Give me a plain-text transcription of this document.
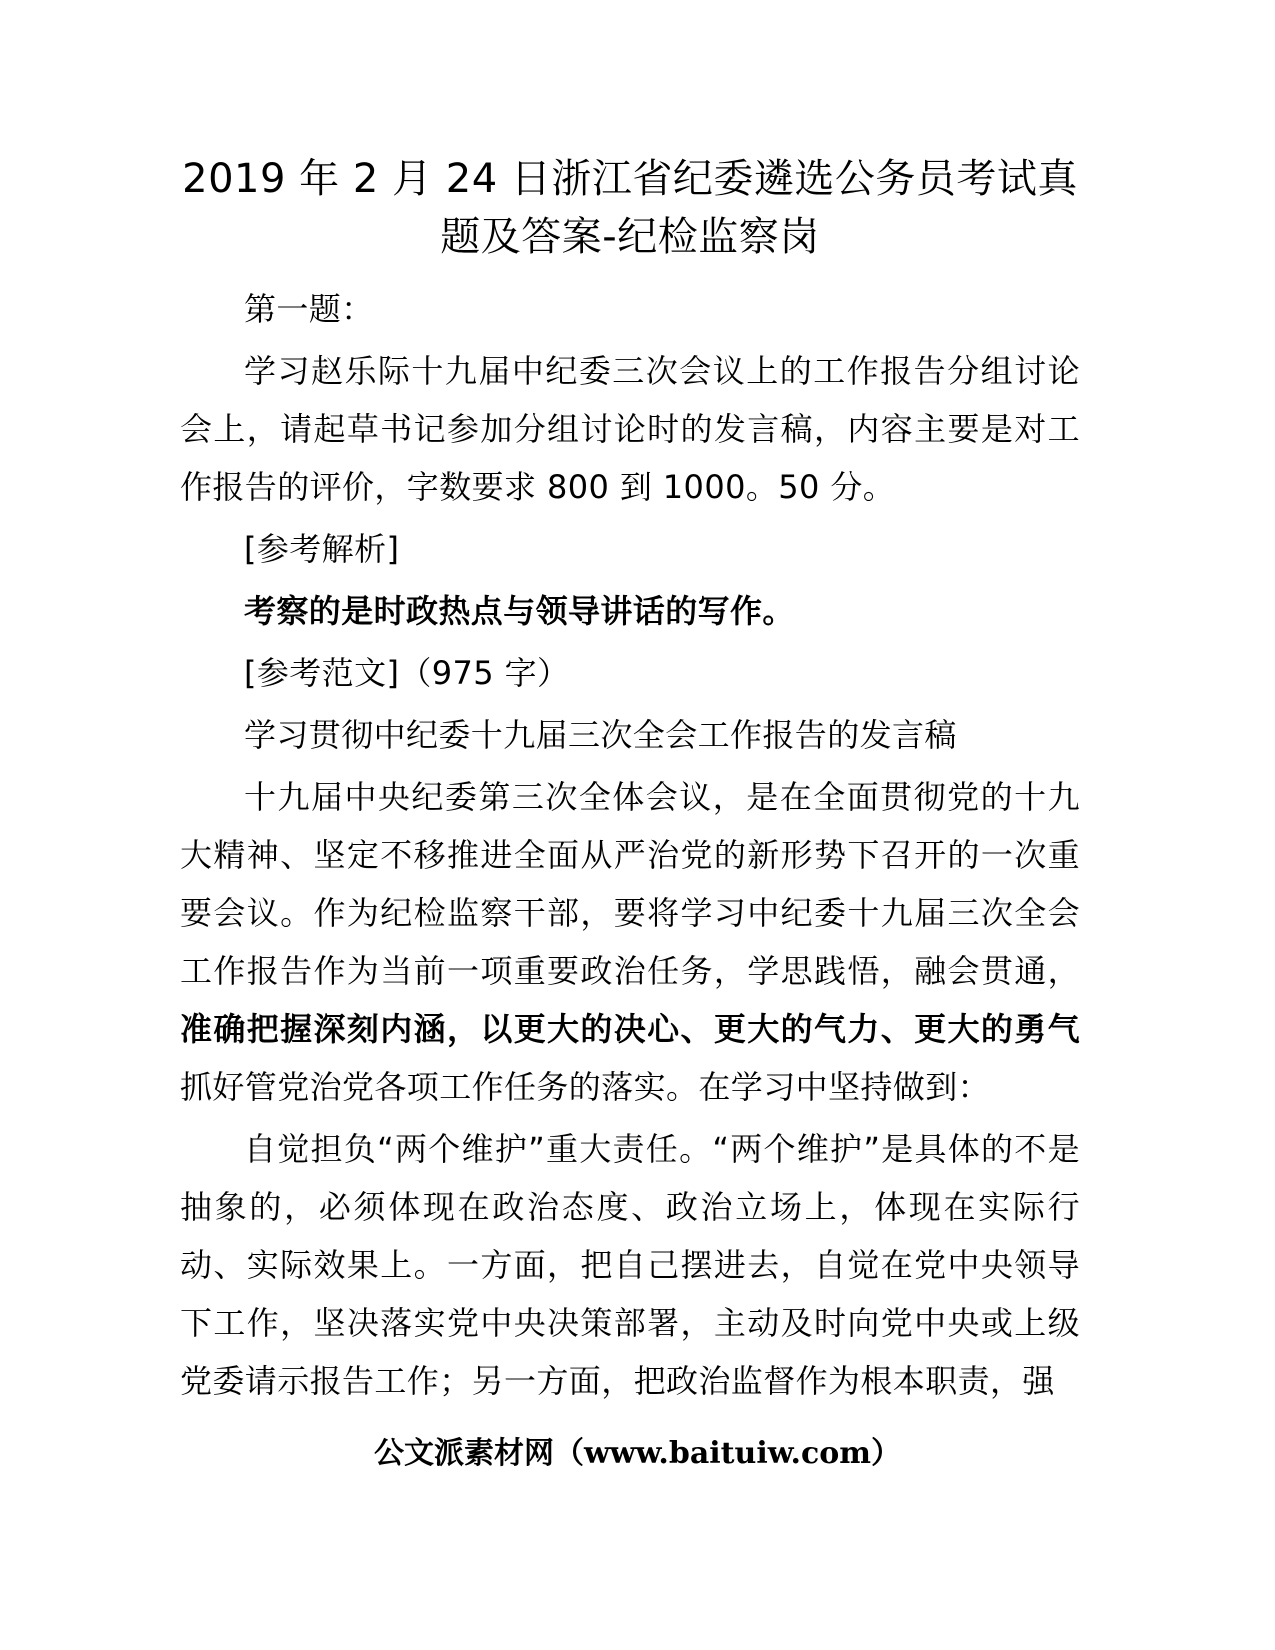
2019 年 2 月 24 日浙江省纪委遴选公务员考试真题及答案-纪检监察岗

第一题：

学习赵乐际十九届中纪委三次会议上的工作报告分组讨论会上，请起草书记参加分组讨论时的发言稿，内容主要是对工作报告的评价，字数要求 800 到 1000。50 分。

[参考解析]

考察的是时政热点与领导讲话的写作。

[参考范文]（975 字）

学习贯彻中纪委十九届三次全会工作报告的发言稿

十九届中央纪委第三次全体会议，是在全面贯彻党的十九大精神、坚定不移推进全面从严治党的新形势下召开的一次重要会议。作为纪检监察干部，要将学习中纪委十九届三次全会工作报告作为当前一项重要政治任务，学思践悟，融会贯通，准确把握深刻内涵，以更大的决心、更大的气力、更大的勇气抓好管党治党各项工作任务的落实。在学习中坚持做到：

自觉担负“两个维护”重大责任。“两个维护”是具体的不是抽象的，必须体现在政治态度、政治立场上，体现在实际行动、实际效果上。一方面，把自己摆进去，自觉在党中央领导下工作，坚决落实党中央决策部署，主动及时向党中央或上级党委请示报告工作；另一方面，把政治监督作为根本职责，强

公文派素材网（www.baituiw.com）
